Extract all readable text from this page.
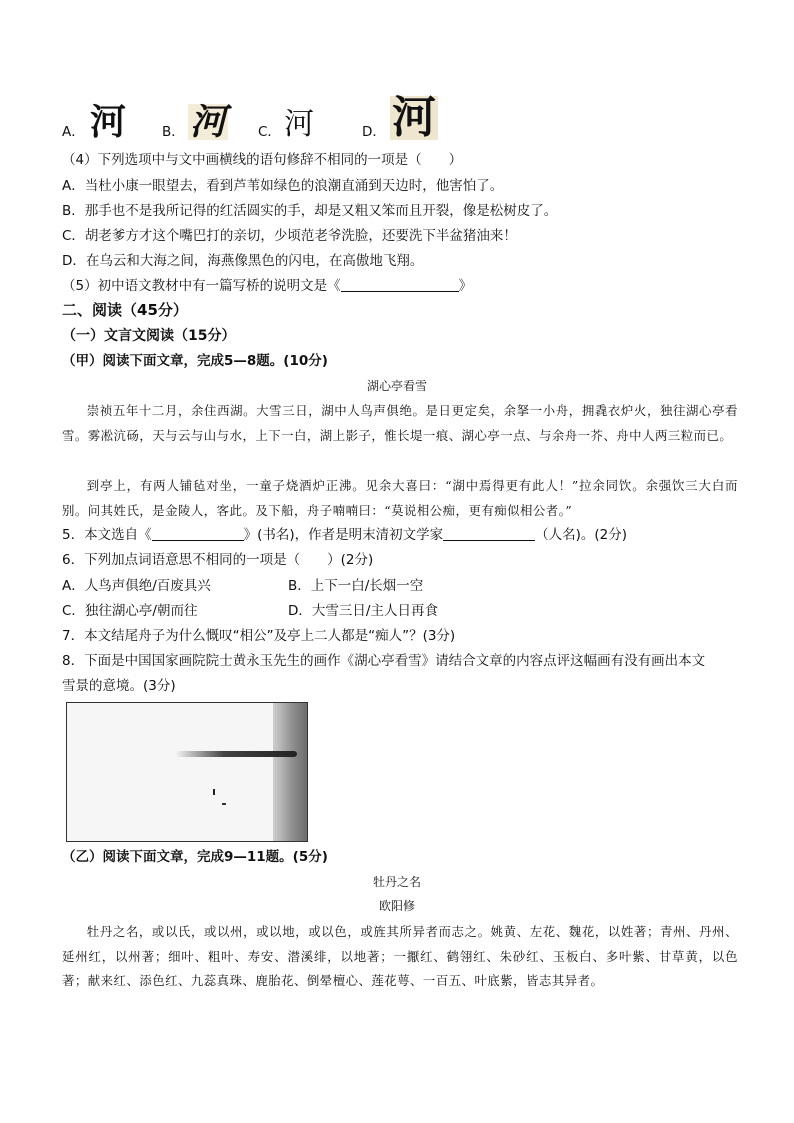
A． 河	B． 河 C． 河	D． 河
（4）下列选项中与文中画横线的语句修辞不相同的一项是（　　）
A．当杜小康一眼望去，看到芦苇如绿色的浪潮直涌到天边时，他害怕了。
B．那手也不是我所记得的红活圆实的手，却是又粗又笨而且开裂，像是松树皮了。
C．胡老爹方才这个嘴巴打的亲切，少顷范老爷洗脸，还要洗下半盆猪油来！
D．在乌云和大海之间，海燕像黑色的闪电，在高傲地飞翔。
（5）初中语文教材中有一篇写桥的说明文是《	》
二、阅读（45分）
（一）文言文阅读（15分）
（甲）阅读下面文章，完成5—8题。(10分)
湖心亭看雪
崇祯五年十二月，余住西湖。大雪三日，湖中人鸟声俱绝。是日更定矣，余拏一小舟，拥毳衣炉火，独往湖心亭看雪。雾凇沆砀，天与云与山与水，上下一白，湖上影子，惟长堤一痕、湖心亭一点、与余舟一芥、舟中人两三粒而已。
到亭上，有两人铺毡对坐，一童子烧酒炉正沸。见余大喜曰：“湖中焉得更有此人！”拉余同饮。余强饮三大白而别。问其姓氏，是金陵人，客此。及下船，舟子喃喃曰：“莫说相公痴，更有痴似相公者。”
5．本文选自《	》(书名)，作者是明末清初文学家	（人名)。(2分)
6．下列加点词语意思不相同的一项是（　　）(2分)
A．人鸟声俱绝/百废具兴	B．上下一白/长烟一空
C．独往湖心亭/朝而往	D．大雪三日/主人日再食
7．本文结尾舟子为什么慨叹“相公”及亭上二人都是“痴人”？(3分)
8．下面是中国国家画院院士黄永玉先生的画作《湖心亭看雪》请结合文章的内容点评这幅画有没有画出本文
雪景的意境。(3分)
（乙）阅读下面文章，完成9—11题。(5分)
牡丹之名
欧阳修
牡丹之名，或以氏，或以州，或以地，或以色，或旌其所异者而志之。姚黄、左花、魏花，以姓著；青州、丹州、延州红，以州著；细叶、粗叶、寿安、潜溪绯，以地著；一擫红、鹤翎红、朱砂红、玉板白、多叶紫、甘草黄，以色著；献来红、添色红、九蕊真珠、鹿胎花、倒晕檀心、莲花萼、一百五、叶底紫，皆志其异者。
